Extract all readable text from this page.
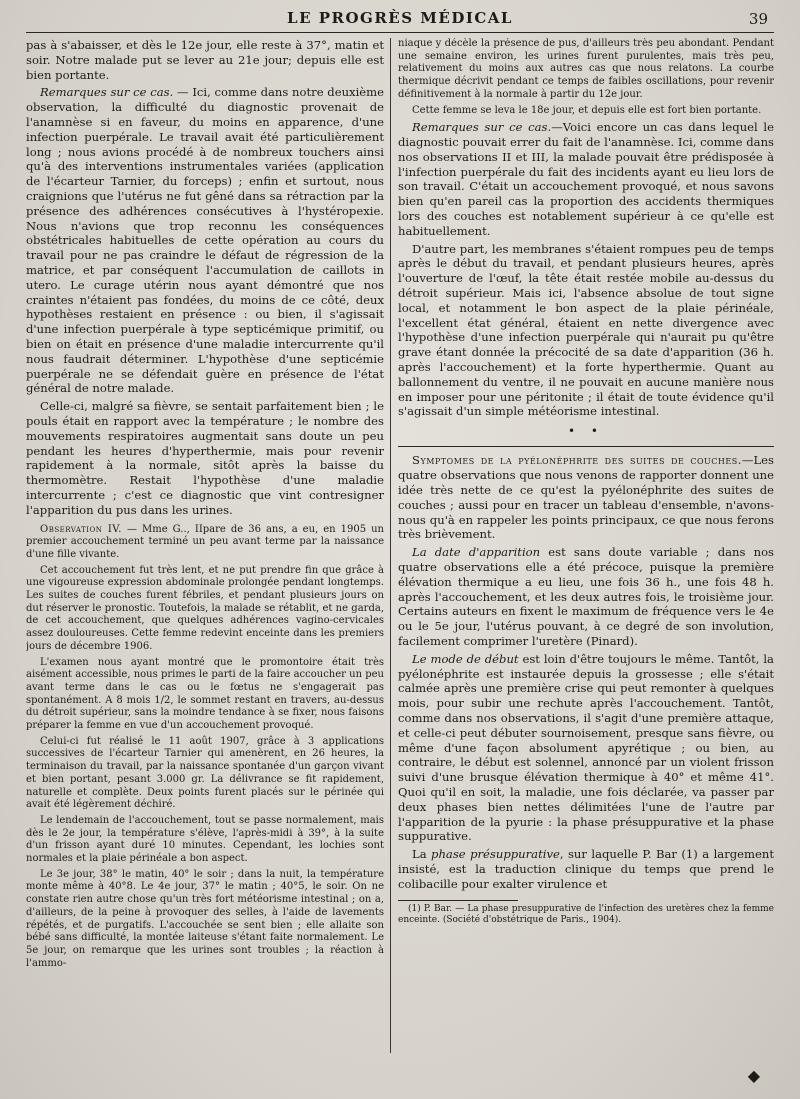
LE PROGRÈS MÉDICAL	39

pas à s'abaisser, et dès le 12e jour, elle reste à 37°, matin et soir. Notre malade put se lever au 21e jour; depuis elle est bien portante.

Remarques sur ce cas. — Ici, comme dans notre deuxième observation, la difficulté du diagnostic provenait de l'anamnèse si en faveur, du moins en apparence, d'une infection puerpérale. Le travail avait été particulièrement long ; nous avions procédé à de nombreux touchers ainsi qu'à des interventions instrumentales variées (application de l'écarteur Tarnier, du forceps) ; enfin et surtout, nous craignions que l'utérus ne fut gêné dans sa rétraction par la présence des adhérences consécutives à l'hystéropexie. Nous n'avions que trop reconnu les conséquences obstétricales habituelles de cette opération au cours du travail pour ne pas craindre le défaut de régression de la matrice, et par conséquent l'accumulation de caillots in utero. Le curage utérin nous ayant démontré que nos craintes n'étaient pas fondées, du moins de ce côté, deux hypothèses restaient en présence : ou bien, il s'agissait d'une infection puerpérale à type septicémique primitif, ou bien on était en présence d'une maladie intercurrente qu'il nous faudrait déterminer. L'hypothèse d'une septicémie puerpérale ne se défendait guère en présence de l'état général de notre malade.

Celle-ci, malgré sa fièvre, se sentait parfaitement bien ; le pouls était en rapport avec la température ; le nombre des mouvements respiratoires augmentait sans doute un peu pendant les heures d'hyperthermie, mais pour revenir rapidement à la normale, sitôt après la baisse du thermomètre. Restait l'hypothèse d'une maladie intercurrente ; c'est ce diagnostic que vint contresigner l'apparition du pus dans les urines.

Observation IV. — Mme G.., IIpare de 36 ans, a eu, en 1905 un premier accouchement terminé un peu avant terme par la naissance d'une fille vivante.

Cet accouchement fut très lent, et ne put prendre fin que grâce à une vigoureuse expression abdominale prolongée pendant longtemps. Les suites de couches furent fébriles, et pendant plusieurs jours on dut réserver le pronostic. Toutefois, la malade se rétablit, et ne garda, de cet accouchement, que quelques adhérences vagino-cervicales assez douloureuses. Cette femme redevint enceinte dans les premiers jours de décembre 1906.

L'examen nous ayant montré que le promontoire était très aisément accessible, nous primes le parti de la faire accoucher un peu avant terme dans le cas ou le fœtus ne s'engagerait pas spontanément. A 8 mois 1/2, le sommet restant en travers, au-dessus du détroit supérieur, sans la moindre tendance à se fixer, nous faisons préparer la femme en vue d'un accouchement provoqué.

Celui-ci fut réalisé le 11 août 1907, grâce à 3 applications successives de l'écarteur Tarnier qui amenèrent, en 26 heures, la terminaison du travail, par la naissance spontanée d'un garçon vivant et bien portant, pesant 3.000 gr. La délivrance se fit rapidement, naturelle et complète. Deux points furent placés sur le périnée qui avait été légèrement déchiré.

Le lendemain de l'accouchement, tout se passe normalement, mais dès le 2e jour, la température s'élève, l'après-midi à 39°, à la suite d'un frisson ayant duré 10 minutes. Cependant, les lochies sont normales et la plaie périnéale a bon aspect.

Le 3e jour, 38° le matin, 40° le soir ; dans la nuit, la température monte même à 40°8. Le 4e jour, 37° le matin ; 40°5, le soir. On ne constate rien autre chose qu'un très fort météorisme intestinal ; on a, d'ailleurs, de la peine à provoquer des selles, à l'aide de lavements répétés, et de purgatifs. L'accouchée se sent bien ; elle allaite son bébé sans difficulté, la montée laiteuse s'étant faite normalement. Le 5e jour, on remarque que les urines sont troubles ; la réaction à l'ammo-

niaque y décèle la présence de pus, d'ailleurs très peu abondant. Pendant une semaine environ, les urines furent purulentes, mais très peu, relativement du moins aux autres cas que nous relatons. La courbe thermique décrivit pendant ce temps de faibles oscillations, pour revenir définitivement à la normale à partir du 12e jour.

Cette femme se leva le 18e jour, et depuis elle est fort bien portante.

Remarques sur ce cas.—Voici encore un cas dans lequel le diagnostic pouvait errer du fait de l'anamnèse. Ici, comme dans nos observations II et III, la malade pouvait être prédisposée à l'infection puerpérale du fait des incidents ayant eu lieu lors de son travail. C'était un accouchement provoqué, et nous savons bien qu'en pareil cas la proportion des accidents thermiques lors des couches est notablement supérieur à ce qu'elle est habituellement.

D'autre part, les membranes s'étaient rompues peu de temps après le début du travail, et pendant plusieurs heures, après l'ouverture de l'œuf, la tête était restée mobile au-dessus du détroit supérieur. Mais ici, l'absence absolue de tout signe local, et notamment le bon aspect de la plaie périnéale, l'excellent état général, étaient en nette divergence avec l'hypothèse d'une infection puerpérale qui n'aurait pu qu'être grave étant donnée la précocité de sa date d'apparition (36 h. après l'accouchement) et la forte hyperthermie. Quant au ballonnement du ventre, il ne pouvait en aucune manière nous en imposer pour une péritonite ; il était de toute évidence qu'il s'agissait d'un simple météorisme intestinal.

• •

Symptomes de la pyélonéphrite des suites de couches.—Les quatre observations que nous venons de rapporter donnent une idée très nette de ce qu'est la pyélonéphrite des suites de couches ; aussi pour en tracer un tableau d'ensemble, n'avons-nous qu'à en rappeler les points principaux, ce que nous ferons très brièvement.

La date d'apparition est sans doute variable ; dans nos quatre observations elle a été précoce, puisque la première élévation thermique a eu lieu, une fois 36 h., une fois 48 h. après l'accouchement, et les deux autres fois, le troisième jour. Certains auteurs en fixent le maximum de fréquence vers le 4e ou le 5e jour, l'utérus pouvant, à ce degré de son involution, facilement comprimer l'uretère (Pinard).

Le mode de début est loin d'être toujours le même. Tantôt, la pyélonéphrite est instaurée depuis la grossesse ; elle s'était calmée après une première crise qui peut remonter à quelques mois, pour subir une rechute après l'accouchement. Tantôt, comme dans nos observations, il s'agit d'une première attaque, et celle-ci peut débuter sournoisement, presque sans fièvre, ou même d'une façon absolument apyrétique ; ou bien, au contraire, le début est solennel, annoncé par un violent frisson suivi d'une brusque élévation thermique à 40° et même 41°. Quoi qu'il en soit, la maladie, une fois déclarée, va passer par deux phases bien nettes délimitées l'une de l'autre par l'apparition de la pyurie : la phase présuppurative et la phase suppurative.

La phase présuppurative, sur laquelle P. Bar (1) a largement insisté, est la traduction clinique du temps que prend le colibacille pour exalter virulence et

(1) P. Bar. — La phase presuppurative de l'infection des uretères chez la femme enceinte. (Société d'obstétrique de Paris., 1904).

◆
